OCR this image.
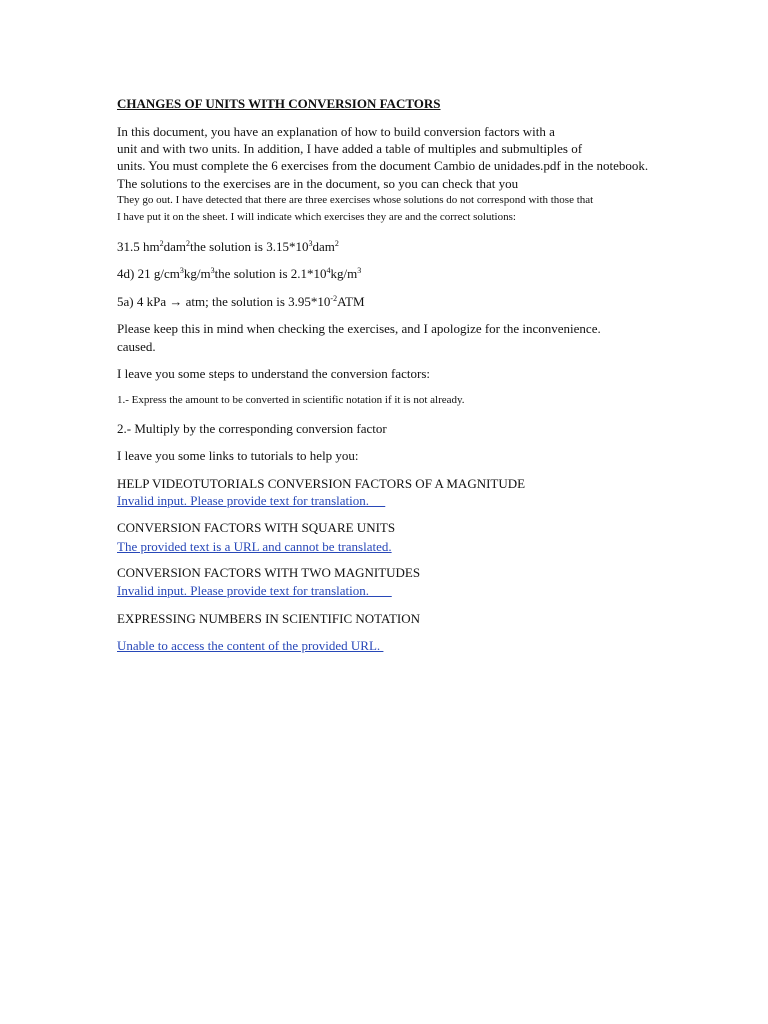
CHANGES OF UNITS WITH CONVERSION FACTORS
In this document, you have an explanation of how to build conversion factors with a
unit and with two units. In addition, I have added a table of multiples and submultiples of
units. You must complete the 6 exercises from the document Cambio de unidades.pdf in the notebook.
The solutions to the exercises are in the document, so you can check that you
They go out. I have detected that there are three exercises whose solutions do not correspond with those that
I have put it on the sheet. I will indicate which exercises they are and the correct solutions:
31.5 $hm^2dam^2the$ solution is $3.15*10^3dam^2$
4d) 21 $g/cm^3kg/m^3the$ solution is $2.1*10^4kg/m^3$
5a) 4 kPa → atm; the solution is $3.95*10^{-2}ATM$
Please keep this in mind when checking the exercises, and I apologize for the inconvenience.
caused.
I leave you some steps to understand the conversion factors:
1.- Express the amount to be converted in scientific notation if it is not already.
2.- Multiply by the corresponding conversion factor
I leave you some links to tutorials to help you:
HELP VIDEOTUTORIALS CONVERSION FACTORS OF A MAGNITUDE
Invalid input. Please provide text for translation.
CONVERSION FACTORS WITH SQUARE UNITS
The provided text is a URL and cannot be translated.
CONVERSION FACTORS WITH TWO MAGNITUDES
Invalid input. Please provide text for translation.
EXPRESSING NUMBERS IN SCIENTIFIC NOTATION
Unable to access the content of the provided URL.
